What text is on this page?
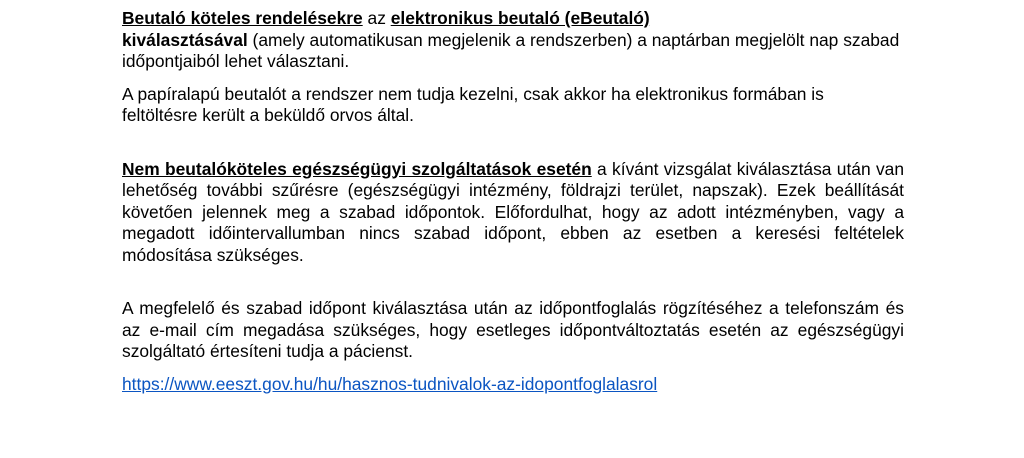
Beutaló köteles rendelésekre az elektronikus beutaló (eBeutaló)
kiválasztásával (amely automatikusan megjelenik a rendszerben) a naptárban megjelölt nap szabad időpontjaiból lehet választani.

A papíralapú beutalót a rendszer nem tudja kezelni, csak akkor ha elektronikus formában is feltöltésre került a beküldő orvos által.

Nem beutalóköteles egészségügyi szolgáltatások esetén a kívánt vizsgálat kiválasztása után van lehetőség további szűrésre (egészségügyi intézmény, földrajzi terület, napszak). Ezek beállítását követően jelennek meg a szabad időpontok. Előfordulhat, hogy az adott intézményben, vagy a megadott időintervallumban nincs szabad időpont, ebben az esetben a keresési feltételek módosítása szükséges.

A megfelelő és szabad időpont kiválasztása után az időpontfoglalás rögzítéséhez a telefonszám és az e-mail cím megadása szükséges, hogy esetleges időpontváltoztatás esetén az egészségügyi szolgáltató értesíteni tudja a pácienst.

https://www.eeszt.gov.hu/hu/hasznos-tudnivalok-az-idopontfoglalasrol
